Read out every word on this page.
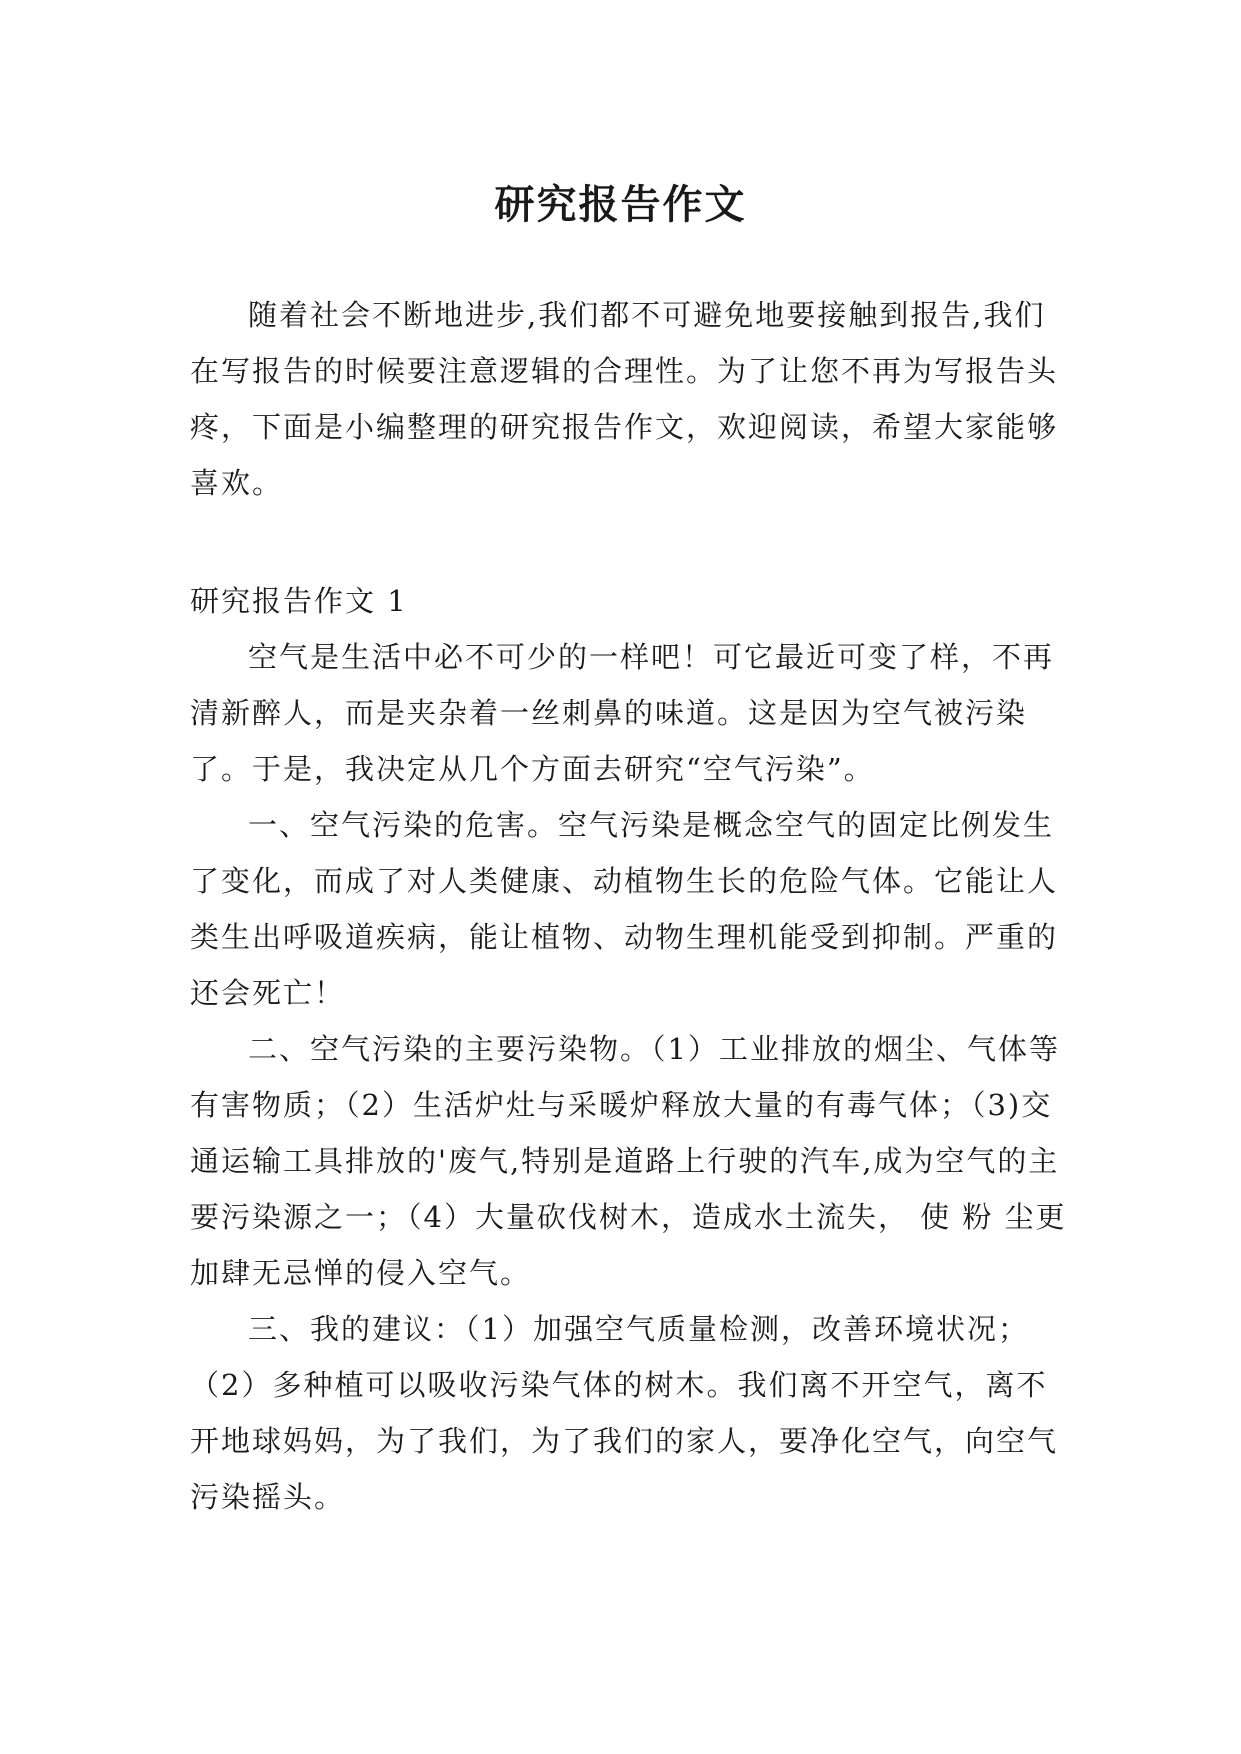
研究报告作文

随着社会不断地进步,我们都不可避免地要接触到报告,我们在写报告的时候要注意逻辑的合理性。为了让您不再为写报告头疼，下面是小编整理的研究报告作文，欢迎阅读，希望大家能够喜欢。

研究报告作文 1

空气是生活中必不可少的一样吧！可它最近可变了样，不再清新醉人，而是夹杂着一丝刺鼻的味道。这是因为空气被污染了。于是，我决定从几个方面去研究“空气污染”。

一、空气污染的危害。空气污染是概念空气的固定比例发生了变化，而成了对人类健康、动植物生长的危险气体。它能让人类生出呼吸道疾病，能让植物、动物生理机能受到抑制。严重的还会死亡！

二、空气污染的主要污染物。（1）工业排放的烟尘、气体等有害物质；（2）生活炉灶与采暖炉释放大量的有毒气体；（3)交通运输工具排放的'废气,特别是道路上行驶的汽车,成为空气的主要污染源之一；（4）大量砍伐树木，造成水土流失， 使 粉 尘更加肆无忌惮的侵入空气。

三、我的建议：（1）加强空气质量检测，改善环境状况；（2）多种植可以吸收污染气体的树木。我们离不开空气，离不开地球妈妈，为了我们，为了我们的家人，要净化空气，向空气污染摇头。
